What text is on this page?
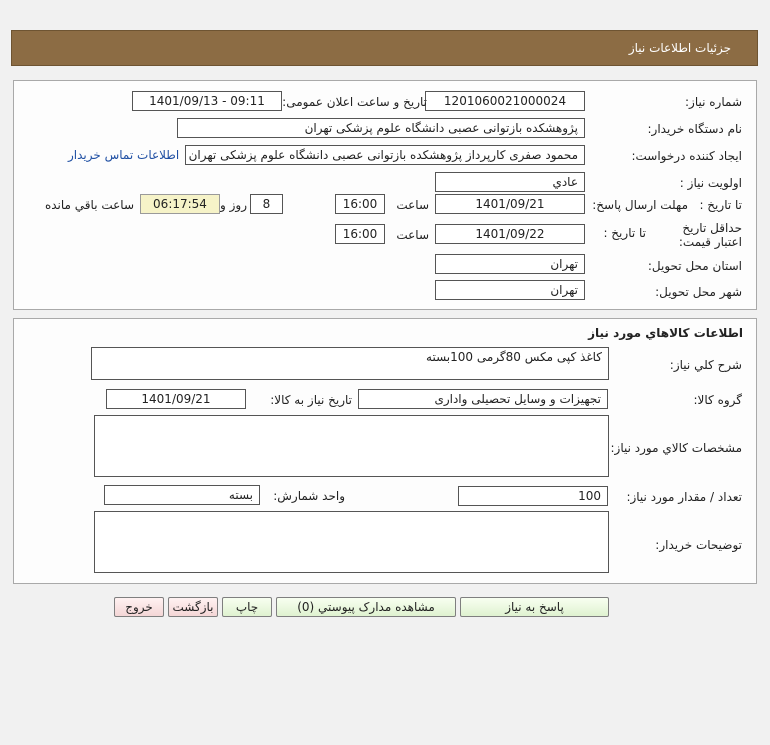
جزئیات اطلاعات نیاز
شماره نیاز:
1201060021000024
تاریخ و ساعت اعلان عمومی:
1401/09/13 - 09:11
نام دستگاه خریدار:
پژوهشکده بازتوانی عصبی دانشگاه علوم پزشکی تهران
ایجاد کننده درخواست:
محمود صفری کارپرداز پژوهشکده بازتوانی عصبی دانشگاه علوم پزشکی تهران
اطلاعات تماس خریدار
اولویت نیاز :
عادي
مهلت ارسال پاسخ: تا تاریخ :
1401/09/21
ساعت
16:00
8
روز و
06:17:54
ساعت باقي مانده
حداقل تاریخ اعتبار قیمت:
تا تاریخ :
1401/09/22
ساعت
16:00
استان محل تحویل:
تهران
شهر محل تحویل:
تهران
اطلاعات کالاهاي مورد نياز
شرح کلي نياز:
کاغذ کپی مکس 80گرمی 100بسته
گروه کالا:
تجهیزات و وسایل تحصیلی واداری
تاریخ نیاز به کالا:
1401/09/21
مشخصات کالاي مورد نياز:
تعداد / مقدار مورد نیاز:
100
واحد شمارش:
بسته
توضیحات خریدار:
پاسخ به نياز
مشاهده مدارک پیوستي (0)
چاپ
بازگشت
خروج
